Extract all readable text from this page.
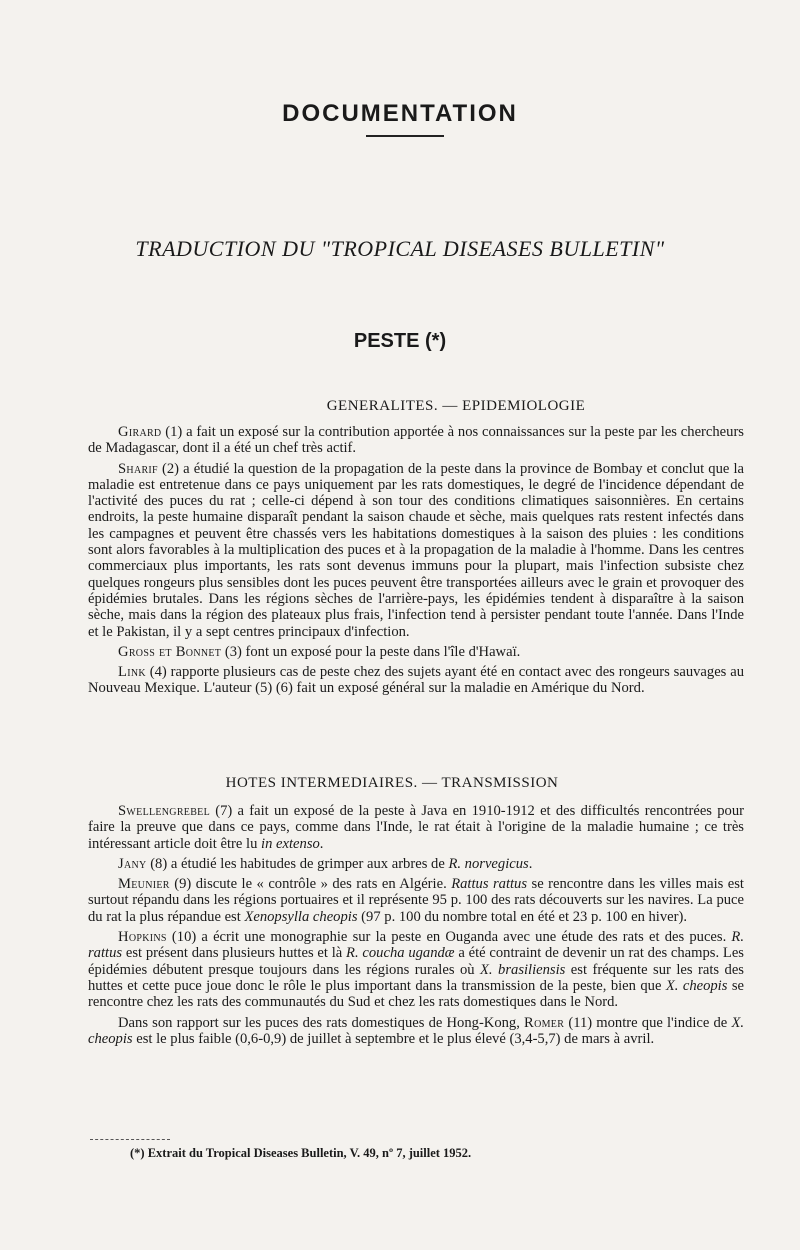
DOCUMENTATION
TRADUCTION DU "TROPICAL DISEASES BULLETIN"
PESTE (*)
GENERALITES. — EPIDEMIOLOGIE

Girard (1) a fait un exposé sur la contribution apportée à nos connaissances sur la peste par les chercheurs de Madagascar, dont il a été un chef très actif.

Sharif (2) a étudié la question de la propagation de la peste dans la province de Bombay et conclut que la maladie est entretenue dans ce pays uniquement par les rats domestiques, le degré de l'incidence dépendant de l'activité des puces du rat ; celle-ci dépend à son tour des conditions climatiques saisonnières. En certains endroits, la peste humaine disparaît pendant la saison chaude et sèche, mais quelques rats restent infectés dans les campagnes et peuvent être chassés vers les habitations domestiques à la saison des pluies : les conditions sont alors favorables à la multiplication des puces et à la propagation de la maladie à l'homme. Dans les centres commerciaux plus importants, les rats sont devenus immuns pour la plupart, mais l'infection subsiste chez quelques rongeurs plus sensibles dont les puces peuvent être transportées ailleurs avec le grain et provoquer des épidémies brutales. Dans les régions sèches de l'arrière-pays, les épidémies tendent à disparaître à la saison sèche, mais dans la région des plateaux plus frais, l'infection tend à persister pendant toute l'année. Dans l'Inde et le Pakistan, il y a sept centres principaux d'infection.

Gross et Bonnet (3) font un exposé pour la peste dans l'île d'Hawaï.

Link (4) rapporte plusieurs cas de peste chez des sujets ayant été en contact avec des rongeurs sauvages au Nouveau Mexique. L'auteur (5) (6) fait un exposé général sur la maladie en Amérique du Nord.

HOTES INTERMEDIAIRES. — TRANSMISSION

Swellengrebel (7) a fait un exposé de la peste à Java en 1910-1912 et des difficultés rencontrées pour faire la preuve que dans ce pays, comme dans l'Inde, le rat était à l'origine de la maladie humaine ; ce très intéressant article doit être lu in extenso.

Jany (8) a étudié les habitudes de grimper aux arbres de R. norvegicus.

Meunier (9) discute le « contrôle » des rats en Algérie. Rattus rattus se rencontre dans les villes mais est surtout répandu dans les régions portuaires et il représente 95 p. 100 des rats découverts sur les navires. La puce du rat la plus répandue est Xenopsylla cheopis (97 p. 100 du nombre total en été et 23 p. 100 en hiver).

Hopkins (10) a écrit une monographie sur la peste en Ouganda avec une étude des rats et des puces. R. rattus est présent dans plusieurs huttes et là R. coucha ugandæ a été contraint de devenir un rat des champs. Les épidémies débutent presque toujours dans les régions rurales où X. brasiliensis est fréquente sur les rats des huttes et cette puce joue donc le rôle le plus important dans la transmission de la peste, bien que X. cheopis se rencontre chez les rats des communautés du Sud et chez les rats domestiques dans le Nord.

Dans son rapport sur les puces des rats domestiques de Hong-Kong, Romer (11) montre que l'indice de X. cheopis est le plus faible (0,6-0,9) de juillet à septembre et le plus élevé (3,4-5,7) de mars à avril.

(*) Extrait du Tropical Diseases Bulletin, V. 49, nº 7, juillet 1952.
